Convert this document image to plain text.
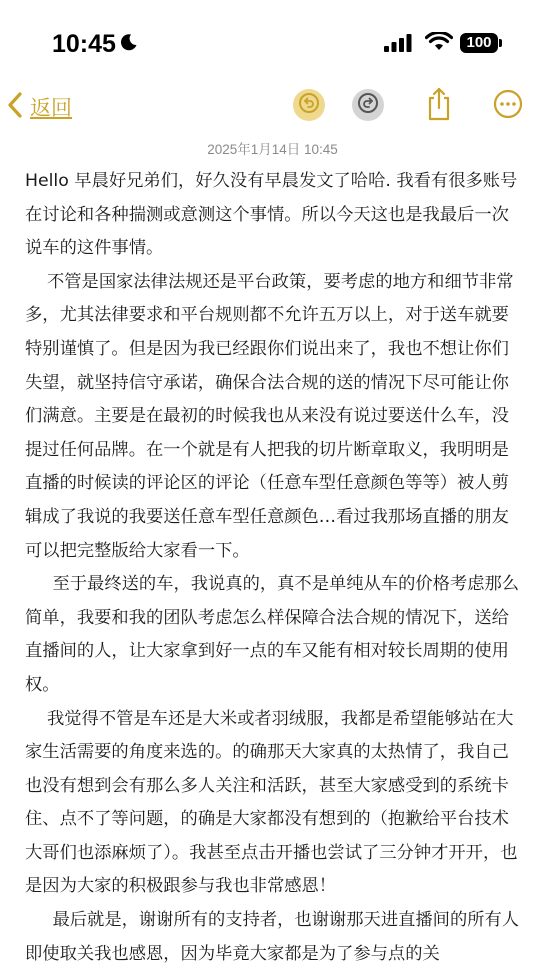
10:45	100
返回
2025年1月14日 10:45

Hello 早晨好兄弟们，好久没有早晨发文了哈哈. 我看有很多账号在讨论和各种揣测或意测这个事情。所以今天这也是我最后一次说车的这件事情。

不管是国家法律法规还是平台政策，要考虑的地方和细节非常多，尤其法律要求和平台规则都不允许五万以上，对于送车就要特别谨慎了。但是因为我已经跟你们说出来了，我也不想让你们失望，就坚持信守承诺，确保合法合规的送的情况下尽可能让你们满意。主要是在最初的时候我也从来没有说过要送什么车，没提过任何品牌。在一个就是有人把我的切片断章取义，我明明是直播的时候读的评论区的评论（任意车型任意颜色等等）被人剪辑成了我说的我要送任意车型任意颜色…看过我那场直播的朋友可以把完整版给大家看一下。

至于最终送的车，我说真的，真不是单纯从车的价格考虑那么简单，我要和我的团队考虑怎么样保障合法合规的情况下，送给直播间的人，让大家拿到好一点的车又能有相对较长周期的使用权。

我觉得不管是车还是大米或者羽绒服，我都是希望能够站在大家生活需要的角度来选的。的确那天大家真的太热情了，我自己也没有想到会有那么多人关注和活跃，甚至大家感受到的系统卡住、点不了等问题，的确是大家都没有想到的（抱歉给平台技术大哥们也添麻烦了）。我甚至点击开播也尝试了三分钟才开开，也是因为大家的积极跟参与我也非常感恩！

最后就是，谢谢所有的支持者，也谢谢那天进直播间的所有人即使取关我也感恩，因为毕竟大家都是为了参与点的关
